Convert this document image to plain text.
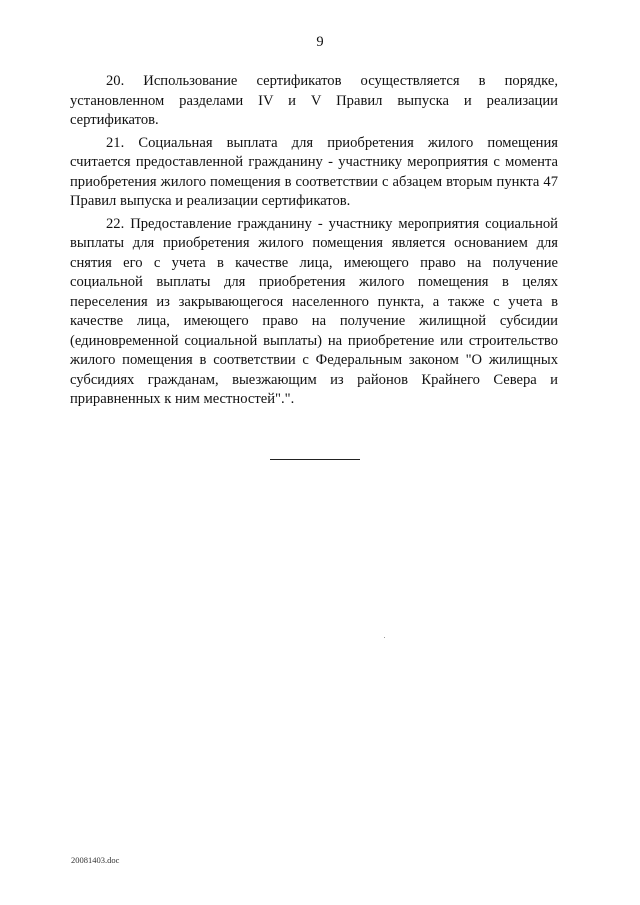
9

20. Использование сертификатов осуществляется в порядке, установленном разделами IV и V Правил выпуска и реализации сертификатов.

21. Социальная выплата для приобретения жилого помещения считается предоставленной гражданину - участнику мероприятия с момента приобретения жилого помещения в соответствии с абзацем вторым пункта 47 Правил выпуска и реализации сертификатов.

22. Предоставление гражданину - участнику мероприятия социальной выплаты для приобретения жилого помещения является основанием для снятия его с учета в качестве лица, имеющего право на получение социальной выплаты для приобретения жилого помещения в целях переселения из закрывающегося населенного пункта, а также с учета в качестве лица, имеющего право на получение жилищной субсидии (единовременной социальной выплаты) на приобретение или строительство жилого помещения в соответствии с Федеральным законом "О жилищных субсидиях гражданам, выезжающим из районов Крайнего Севера и приравненных к ним местностей".".

20081403.doc
